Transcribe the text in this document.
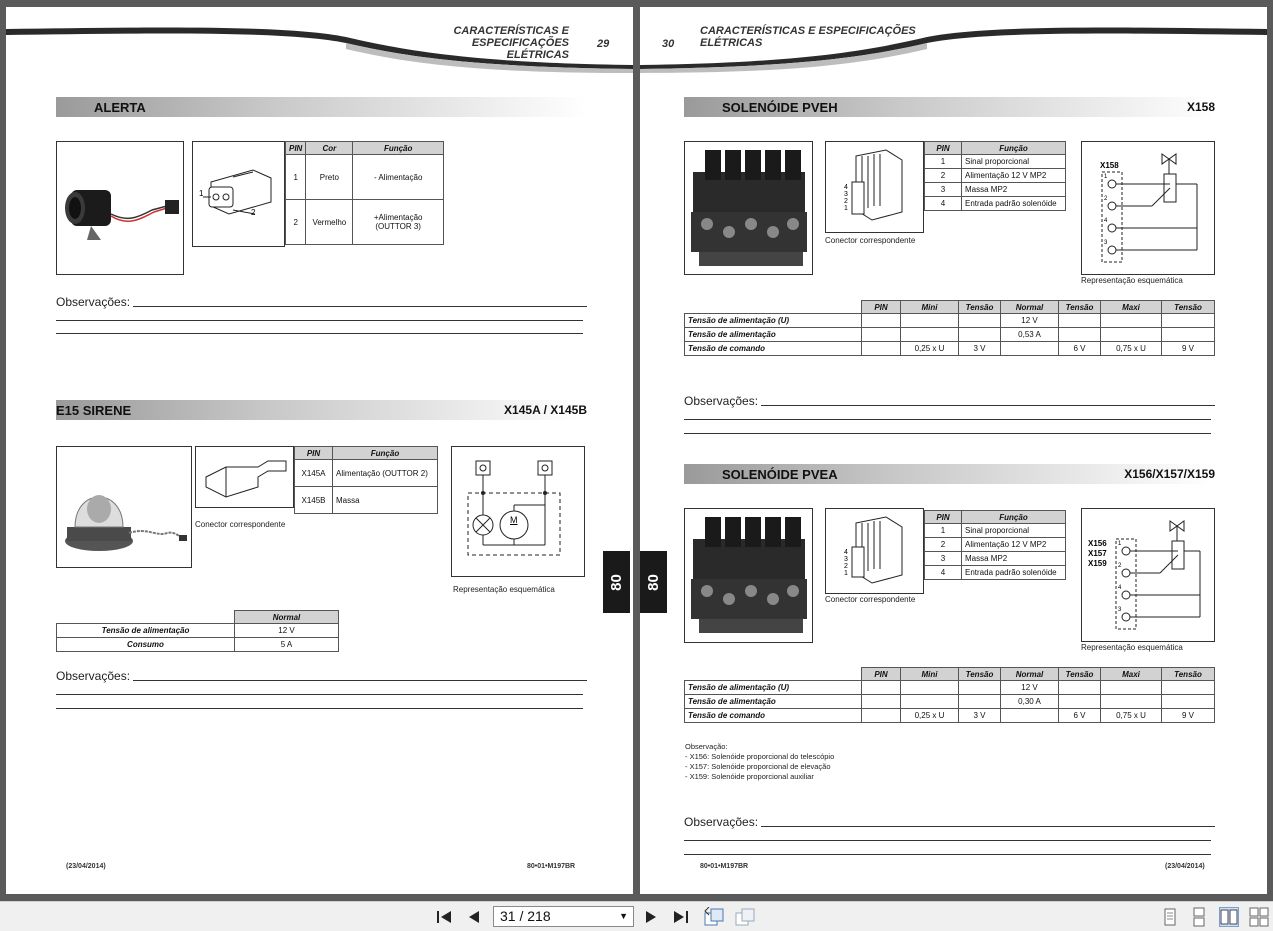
CARACTERÍSTICAS E ESPECIFICAÇÕES
ELÉTRICAS
29
ALERTA
1
2
PIN	Cor	Função
1	Preto	- Alimentação
2	Vermelho	+Alimentação (OUTTOR 3)
Observações:
E15 SIRENE	X145A / X145B
Conector correspondente
PIN	Função
X145A	Alimentação (OUTTOR 2)
X145B	Massa
M
Representação esquemática
	Normal
Tensão de alimentação	12 V
Consumo	5 A
Observações:
(23/04/2014)	80•01•M197BR
80
30
CARACTERÍSTICAS E ESPECIFICAÇÕES
ELÉTRICAS
SOLENÓIDE PVEH	X158
4
3
2
1
Conector correspondente
PIN	Função
1	Sinal proporcional
2	Alimentação 12 V MP2
3	Massa MP2
4	Entrada padrão solenóide
X158
1
2
4
3
Representação esquemática
	PIN	Mini	Tensão	Normal	Tensão	Maxi	Tensão
Tensão de alimentação (U)				12 V			
Tensão de alimentação				0,53 A			
Tensão de comando		0,25 x U	3 V		6 V	0,75 x U	9 V
Observações:
SOLENÓIDE PVEA	X156/X157/X159
4
3
2
1
Conector correspondente
PIN	Função
1	Sinal proporcional
2	Alimentação 12 V MP2
3	Massa MP2
4	Entrada padrão solenóide
X156
X157
X159
1
2
4
3
Representação esquemática
	PIN	Mini	Tensão	Normal	Tensão	Maxi	Tensão
Tensão de alimentação (U)				12 V			
Tensão de alimentação				0,30 A			
Tensão de comando		0,25 x U	3 V		6 V	0,75 x U	9 V
Observação:
- X156: Solenóide proporcional do telescópio
- X157: Solenóide proporcional de elevação
- X159: Solenóide proporcional auxiliar
Observações:
80•01•M197BR	(23/04/2014)
80
31 / 218	▼
